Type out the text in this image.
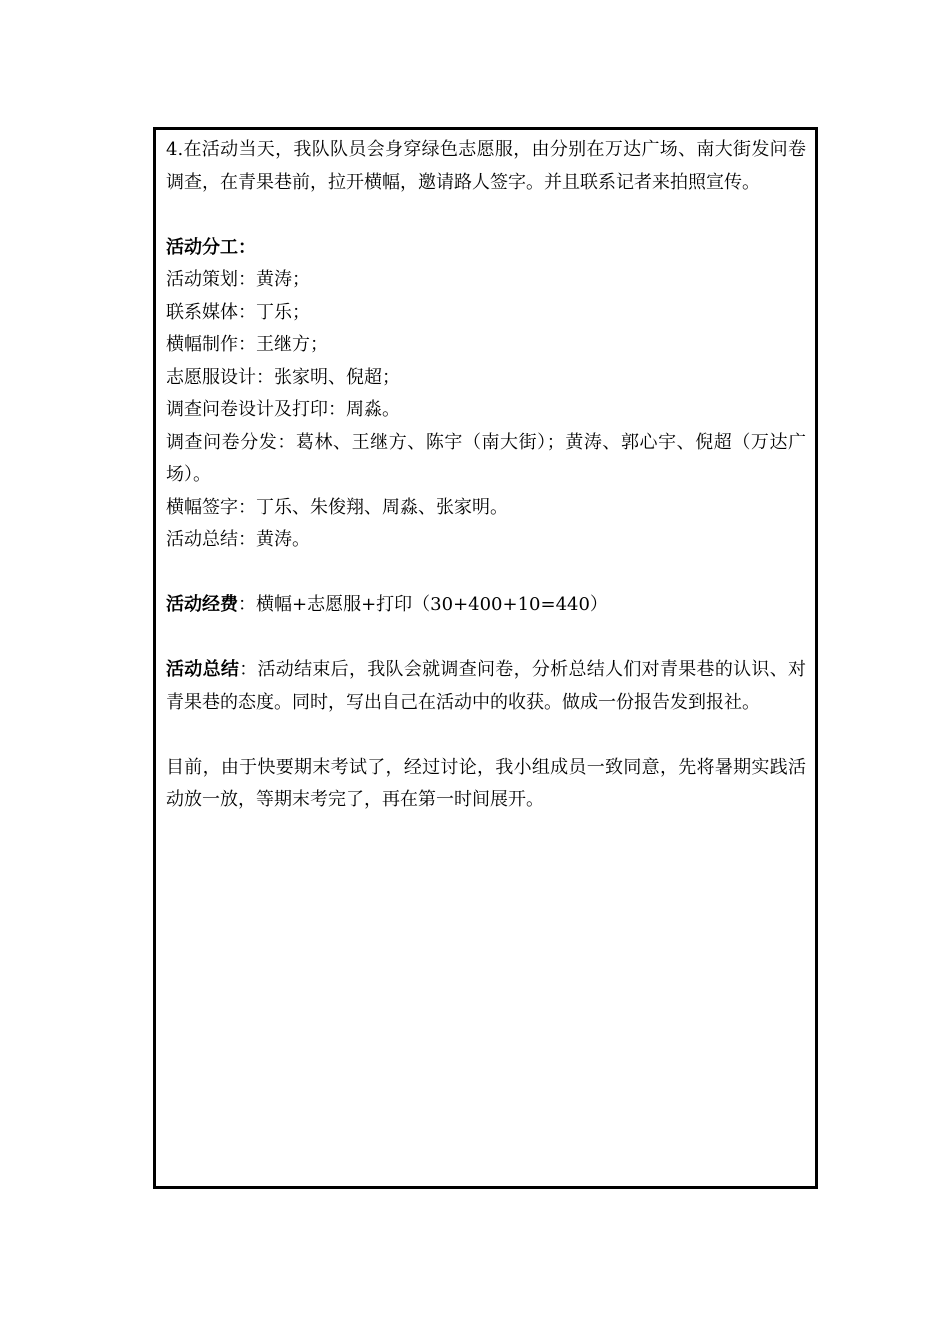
4.在活动当天，我队队员会身穿绿色志愿服，由分别在万达广场、南大街发问卷调查，在青果巷前，拉开横幅，邀请路人签字。并且联系记者来拍照宣传。

活动分工：

活动策划：黄涛；

联系媒体：丁乐；

横幅制作：王继方；

志愿服设计：张家明、倪超；

调查问卷设计及打印：周淼。

调查问卷分发：葛林、王继方、陈宇（南大街）；黄涛、郭心宇、倪超（万达广场）。

横幅签字：丁乐、朱俊翔、周淼、张家明。

活动总结：黄涛。

活动经费：横幅+志愿服+打印（30+400+10=440）

活动总结：活动结束后，我队会就调查问卷，分析总结人们对青果巷的认识、对青果巷的态度。同时，写出自己在活动中的收获。做成一份报告发到报社。

目前，由于快要期末考试了，经过讨论，我小组成员一致同意，先将暑期实践活动放一放，等期末考完了，再在第一时间展开。
